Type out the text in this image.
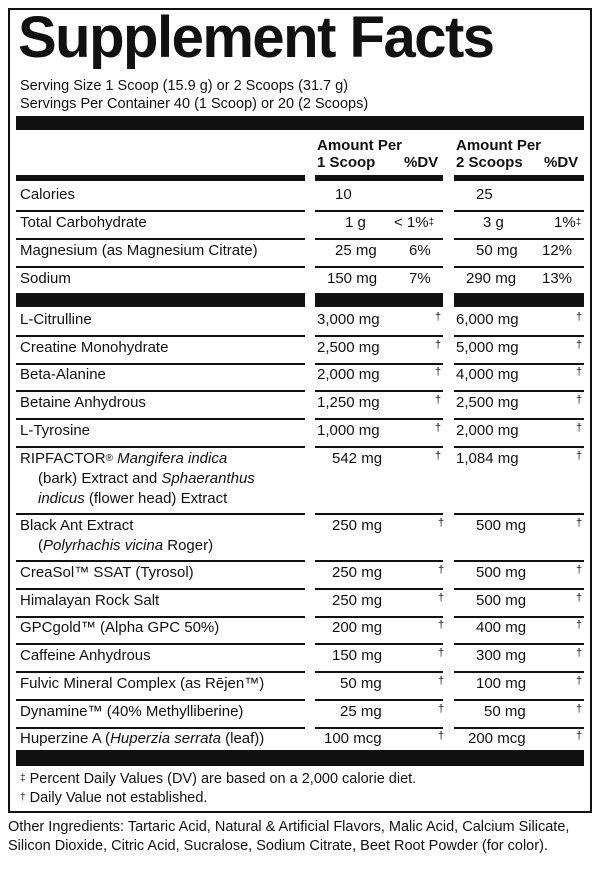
Supplement Facts
Serving Size 1 Scoop (15.9 g) or 2 Scoops (31.7 g)
Servings Per Container 40 (1 Scoop) or 20 (2 Scoops)
Amount Per
1 Scoop %DV
Amount Per
2 Scoops %DV
Calories	10	25
Total Carbohydrate	1 g < 1%‡	3 g	1%‡
Magnesium (as Magnesium Citrate)	25 mg 6%	50 mg 12%
Sodium	150 mg 7% 290 mg 13%
L-Citrulline	3,000 mg	† 6,000 mg	†
Creatine Monohydrate	2,500 mg	† 5,000 mg	†
Beta-Alanine	2,000 mg	† 4,000 mg	†
Betaine Anhydrous	1,250 mg	† 2,500 mg	†
L-Tyrosine	1,000 mg	† 2,000 mg	†
RIPFACTOR® Mangifera indica
(bark) Extract and Sphaeranthus
indicus (flower head) Extract
542 mg	† 1,084 mg	†
Black Ant Extract
(Polyrhachis vicina Roger)
250 mg	† 500 mg	†
CreaSol™ SSAT (Tyrosol)	250 mg	† 500 mg	†
Himalayan Rock Salt	250 mg	† 500 mg	†
GPCgold™ (Alpha GPC 50%)	200 mg	† 400 mg	†
Caffeine Anhydrous	150 mg	† 300 mg	†
Fulvic Mineral Complex (as Rējen™)	50 mg	† 100 mg	†
Dynamine™ (40% Methylliberine)	25 mg	†	50 mg	†
Huperzine A (Huperzia serrata (leaf))	100 mcg	† 200 mcg	†
‡ Percent Daily Values (DV) are based on a 2,000 calorie diet.
† Daily Value not established.
Other Ingredients: Tartaric Acid, Natural & Artificial Flavors, Malic Acid, Calcium Silicate, Silicon Dioxide, Citric Acid, Sucralose, Sodium Citrate, Beet Root Powder (for color).
